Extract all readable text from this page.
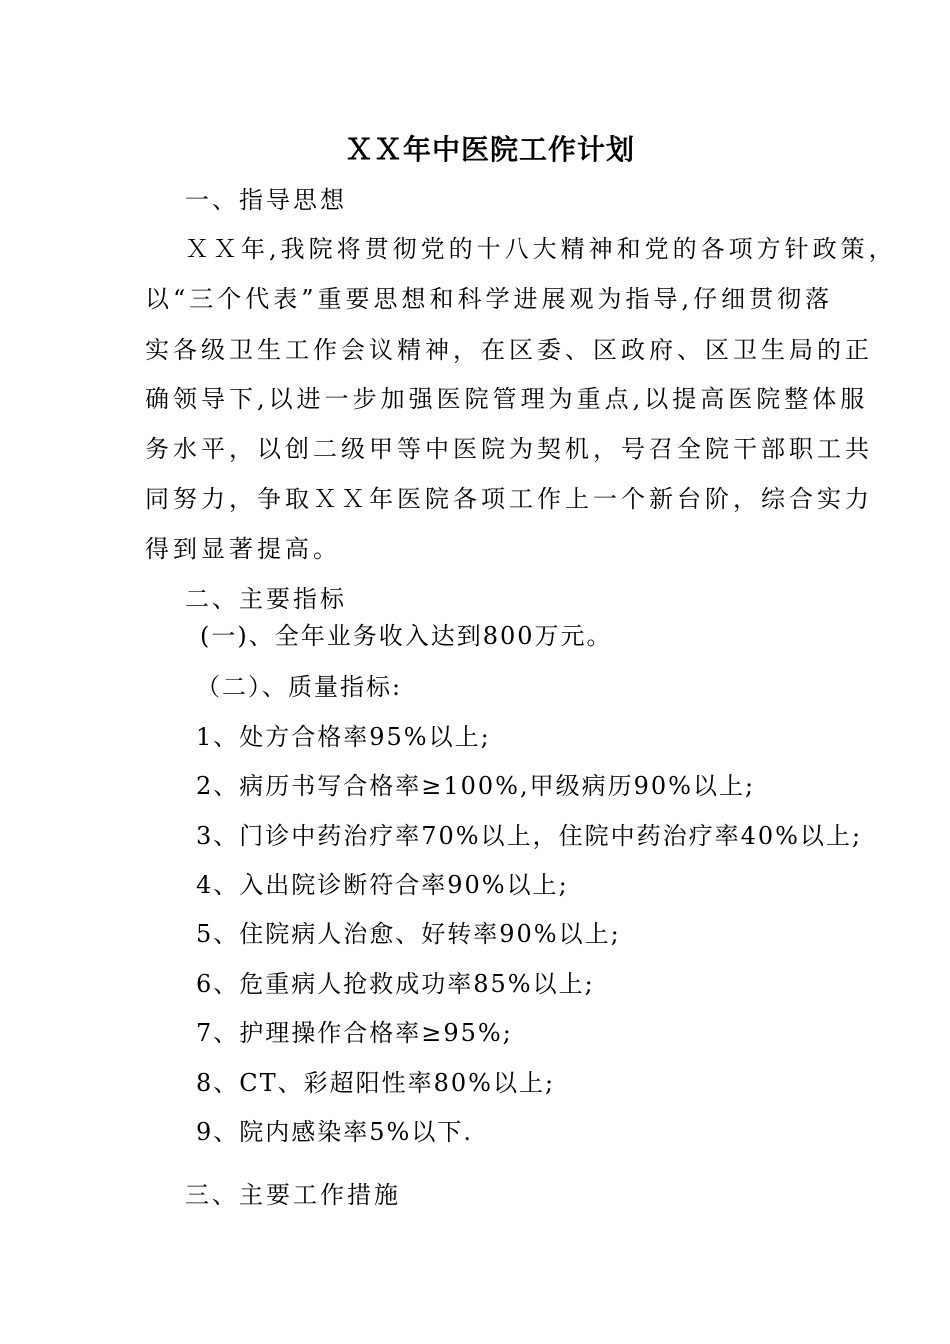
ＸＸ年中医院工作计划
一、指导思想
ＸＸ年,我院将贯彻党的十八大精神和党的各项方针政策，
以“三个代表”重要思想和科学进展观为指导,仔细贯彻落
实各级卫生工作会议精神，在区委、区政府、区卫生局的正
确领导下,以进一步加强医院管理为重点,以提高医院整体服
务水平，以创二级甲等中医院为契机，号召全院干部职工共
同努力，争取ＸＸ年医院各项工作上一个新台阶，综合实力
得到显著提高。
二、主要指标
(一)、全年业务收入达到800万元。
（二）、质量指标:
1、处方合格率95%以上;
2、病历书写合格率≥100%,甲级病历90%以上;
3、门诊中药治疗率70%以上，住院中药治疗率40%以上;
4、入出院诊断符合率90%以上;
5、住院病人治愈、好转率90%以上;
6、危重病人抢救成功率85%以上;
7、护理操作合格率≥95%;
8、CT、彩超阳性率80%以上;
9、院内感染率5%以下.
三、主要工作措施
